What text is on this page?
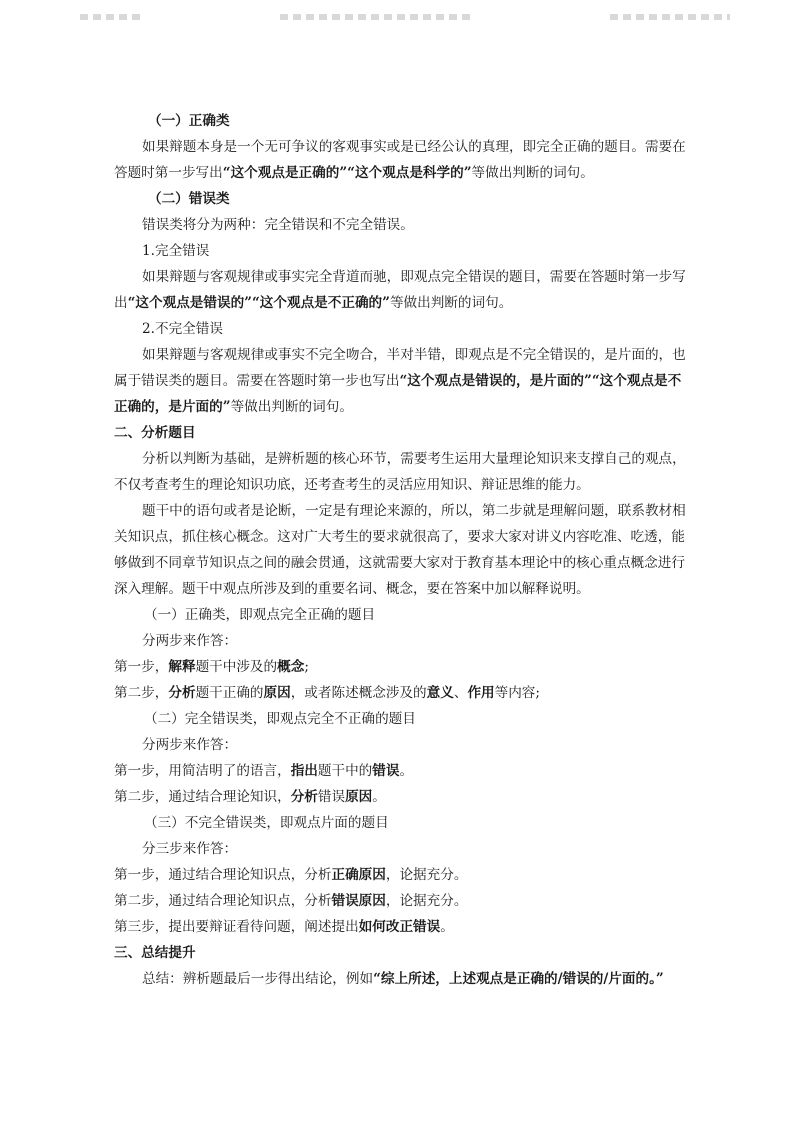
（一）正确类

如果辩题本身是一个无可争议的客观事实或是已经公认的真理，即完全正确的题目。需要在答题时第一步写出“这个观点是正确的”“这个观点是科学的”等做出判断的词句。

（二）错误类

错误类将分为两种：完全错误和不完全错误。

1.完全错误

如果辩题与客观规律或事实完全背道而驰，即观点完全错误的题目，需要在答题时第一步写出“这个观点是错误的”“这个观点是不正确的”等做出判断的词句。

2.不完全错误

如果辩题与客观规律或事实不完全吻合，半对半错，即观点是不完全错误的，是片面的，也属于错误类的题目。需要在答题时第一步也写出“这个观点是错误的，是片面的”“这个观点是不正确的，是片面的”等做出判断的词句。

二、分析题目

分析以判断为基础，是辨析题的核心环节，需要考生运用大量理论知识来支撑自己的观点，不仅考查考生的理论知识功底，还考查考生的灵活应用知识、辩证思维的能力。

题干中的语句或者是论断，一定是有理论来源的，所以，第二步就是理解问题，联系教材相关知识点，抓住核心概念。这对广大考生的要求就很高了，要求大家对讲义内容吃准、吃透，能够做到不同章节知识点之间的融会贯通，这就需要大家对于教育基本理论中的核心重点概念进行深入理解。题干中观点所涉及到的重要名词、概念，要在答案中加以解释说明。

（一）正确类，即观点完全正确的题目

分两步来作答：

第一步，解释题干中涉及的概念;

第二步，分析题干正确的原因，或者陈述概念涉及的意义、作用等内容;

（二）完全错误类，即观点完全不正确的题目

分两步来作答：

第一步，用简洁明了的语言，指出题干中的错误。

第二步，通过结合理论知识，分析错误原因。

（三）不完全错误类，即观点片面的题目

分三步来作答：

第一步，通过结合理论知识点，分析正确原因，论据充分。

第二步，通过结合理论知识点，分析错误原因，论据充分。

第三步，提出要辩证看待问题，阐述提出如何改正错误。

三、总结提升

总结：辨析题最后一步得出结论，例如“综上所述，上述观点是正确的/错误的/片面的。”
